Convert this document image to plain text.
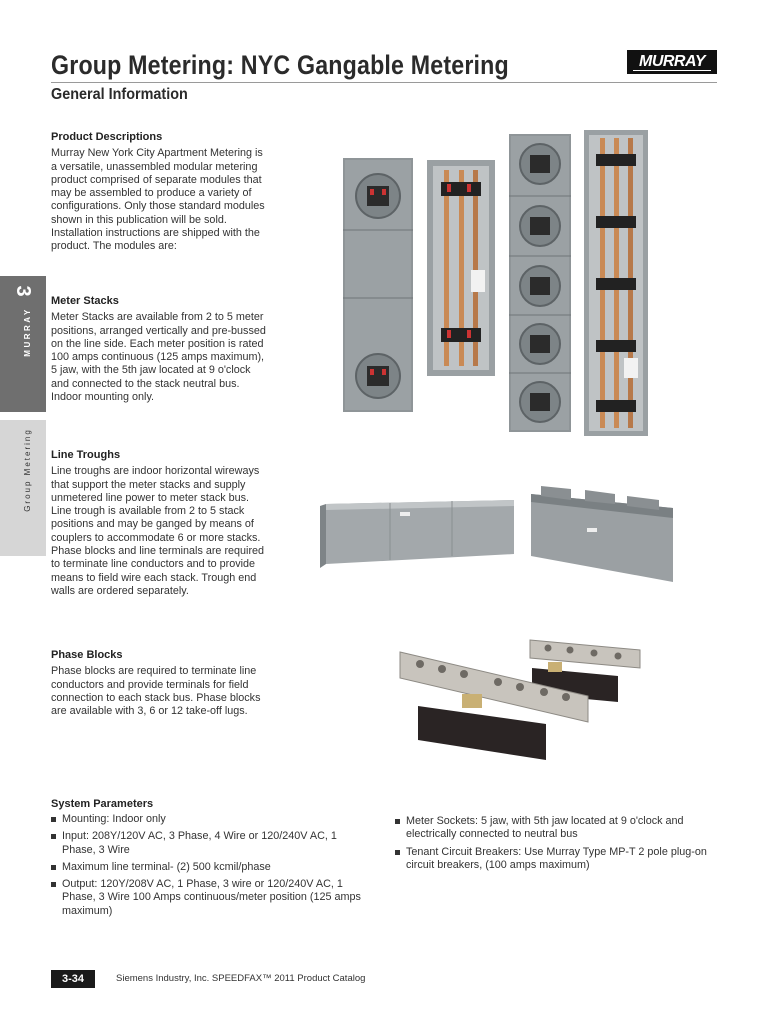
Group Metering: NYC Gangable Metering	MURRAY
General Information
3
MURRAY
Group Metering
Product Descriptions

Murray New York City Apartment Metering is a versatile, unassembled modular metering product comprised of separate modules that may be assembled to produce a variety of configurations. Only those standard modules shown in this publication will be sold. Installation instructions are shipped with the product. The modules are:

Meter Stacks

Meter Stacks are available from 2 to 5 meter positions, arranged vertically and pre-bussed on the line side. Each meter position is rated 100 amps continuous (125 amps maximum), 5 jaw, with the 5th jaw located at 9 o'clock and connected to the stack neutral bus. Indoor mounting only.

Line Troughs

Line troughs are indoor horizontal wireways that support the meter stacks and supply unmetered line power to meter stack bus. Line trough is available from 2 to 5 stack positions and may be ganged by means of couplers to accommodate 6 or more stacks. Phase blocks and line terminals are required to terminate line conductors and to provide means to field wire each stack. Trough end walls are ordered separately.

Phase Blocks

Phase blocks are required to terminate line conductors and provide terminals for field connection to each stack bus. Phase blocks are available with 3, 6 or 12 take-off lugs.

System Parameters
Mounting: Indoor only
Input: 208Y/120V AC, 3 Phase, 4 Wire or 120/240V AC, 1 Phase, 3 Wire
Maximum line terminal- (2) 500 kcmil/phase
Output: 120Y/208V AC, 1 Phase, 3 wire or 120/240V AC, 1 Phase, 3 Wire 100 Amps continuous/meter position (125 amps maximum)
Meter Sockets: 5 jaw, with 5th jaw located at 9 o'clock and electrically connected to neutral bus
Tenant Circuit Breakers: Use Murray Type MP-T 2 pole plug-on circuit breakers, (100 amps maximum)
3-34	Siemens Industry, Inc. SPEEDFAX™ 2011 Product Catalog
